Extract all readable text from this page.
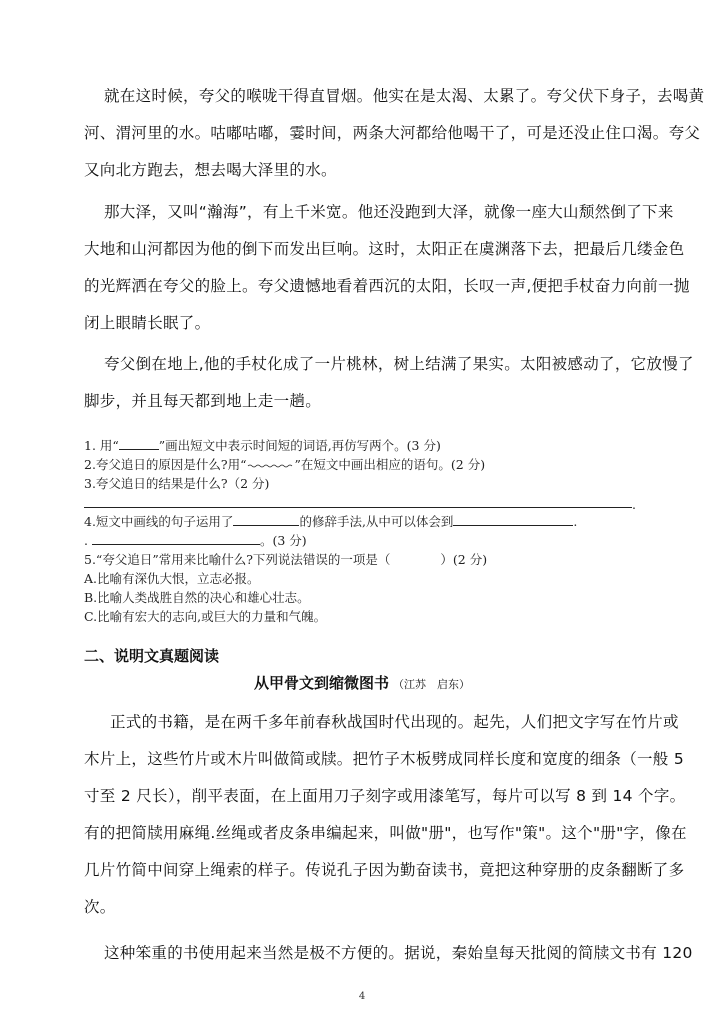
就在这时候，夸父的喉咙干得直冒烟。他实在是太渴、太累了。夸父伏下身子，去喝黄
河、渭河里的水。咕嘟咕嘟，霎时间，两条大河都给他喝干了，可是还没止住口渴。夸父
又向北方跑去，想去喝大泽里的水。
那大泽，又叫“瀚海”，有上千米宽。他还没跑到大泽，就像一座大山颓然倒了下来
大地和山河都因为他的倒下而发出巨响。这时，太阳正在虞渊落下去，把最后几缕金色
的光辉洒在夸父的脸上。夸父遗憾地看着西沉的太阳，长叹一声,便把手杖奋力向前一抛
闭上眼睛长眠了。
夸父倒在地上,他的手杖化成了一片桃林，树上结满了果实。太阳被感动了，它放慢了
脚步，并且每天都到地上走一趟。
1. 用“	”画出短文中表示时间短的词语,再仿写两个。(3 分)
2.夸父追日的原因是什么?用“	”在短文中画出相应的语句。(2 分)
3.夸父追日的结果是什么?（2 分)
.
4.短文中画线的句子运用了	的修辞手法,从中可以体会到	.
.	。(3 分)
5.“夸父追日”常用来比喻什么?下列说法错误的一项是（　　　　）(2 分)
A.比喻有深仇大恨，立志必报。
B.比喻人类战胜自然的决心和雄心壮志。
C.比喻有宏大的志向,或巨大的力量和气魄。
二、说明文真题阅读
从甲骨文到缩微图书 （江苏　启东）
正式的书籍，是在两千多年前春秋战国时代出现的。起先，人们把文字写在竹片或
木片上，这些竹片或木片叫做简或牍。把竹子木板劈成同样长度和宽度的细条（一般 5
寸至 2 尺长），削平表面，在上面用刀子刻字或用漆笔写，每片可以写 8 到 14 个字。
有的把简牍用麻绳.丝绳或者皮条串编起来，叫做"册"，也写作"策"。这个"册"字，像在
几片竹简中间穿上绳索的样子。传说孔子因为勤奋读书，竟把这种穿册的皮条翻断了多
次。
这种笨重的书使用起来当然是极不方便的。据说，秦始皇每天批阅的简牍文书有 120
4
